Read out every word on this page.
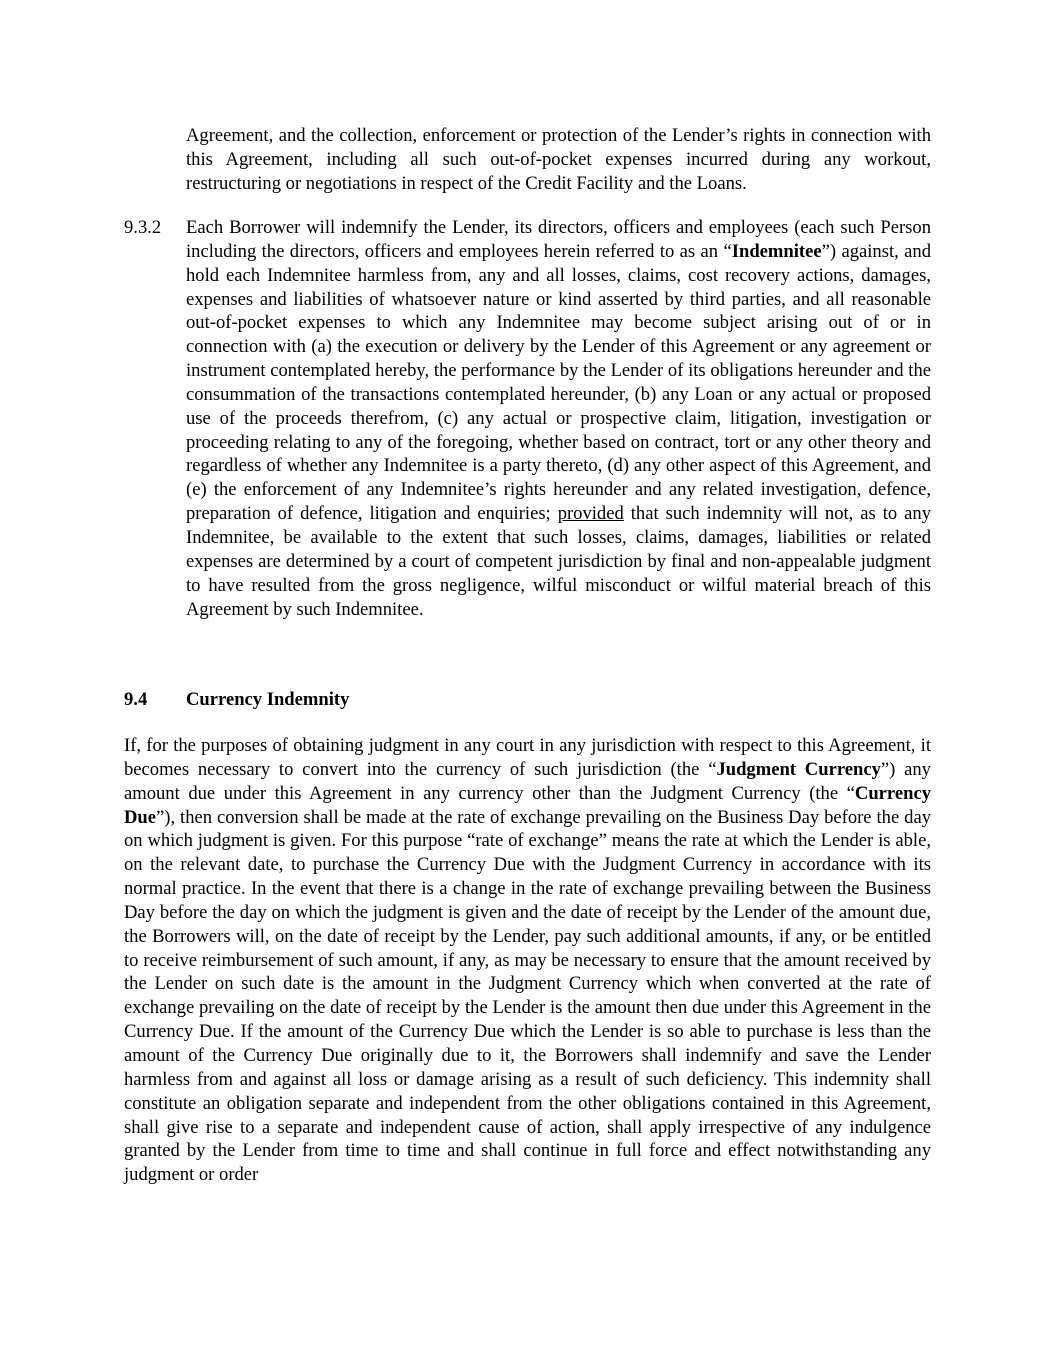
Agreement, and the collection, enforcement or protection of the Lender’s rights in connection with this Agreement, including all such out-of-pocket expenses incurred during any workout, restructuring or negotiations in respect of the Credit Facility and the Loans.

9.3.2 Each Borrower will indemnify the Lender, its directors, officers and employees (each such Person including the directors, officers and employees herein referred to as an “Indemnitee”) against, and hold each Indemnitee harmless from, any and all losses, claims, cost recovery actions, damages, expenses and liabilities of whatsoever nature or kind asserted by third parties, and all reasonable out-of-pocket expenses to which any Indemnitee may become subject arising out of or in connection with (a) the execution or delivery by the Lender of this Agreement or any agreement or instrument contemplated hereby, the performance by the Lender of its obligations hereunder and the consummation of the transactions contemplated hereunder, (b) any Loan or any actual or proposed use of the proceeds therefrom, (c) any actual or prospective claim, litigation, investigation or proceeding relating to any of the foregoing, whether based on contract, tort or any other theory and regardless of whether any Indemnitee is a party thereto, (d) any other aspect of this Agreement, and (e) the enforcement of any Indemnitee’s rights hereunder and any related investigation, defence, preparation of defence, litigation and enquiries; provided that such indemnity will not, as to any Indemnitee, be available to the extent that such losses, claims, damages, liabilities or related expenses are determined by a court of competent jurisdiction by final and non-appealable judgment to have resulted from the gross negligence, wilful misconduct or wilful material breach of this Agreement by such Indemnitee.

9.4 Currency Indemnity

If, for the purposes of obtaining judgment in any court in any jurisdiction with respect to this Agreement, it becomes necessary to convert into the currency of such jurisdiction (the “Judgment Currency”) any amount due under this Agreement in any currency other than the Judgment Currency (the “Currency Due”), then conversion shall be made at the rate of exchange prevailing on the Business Day before the day on which judgment is given. For this purpose “rate of exchange” means the rate at which the Lender is able, on the relevant date, to purchase the Currency Due with the Judgment Currency in accordance with its normal practice. In the event that there is a change in the rate of exchange prevailing between the Business Day before the day on which the judgment is given and the date of receipt by the Lender of the amount due, the Borrowers will, on the date of receipt by the Lender, pay such additional amounts, if any, or be entitled to receive reimbursement of such amount, if any, as may be necessary to ensure that the amount received by the Lender on such date is the amount in the Judgment Currency which when converted at the rate of exchange prevailing on the date of receipt by the Lender is the amount then due under this Agreement in the Currency Due. If the amount of the Currency Due which the Lender is so able to purchase is less than the amount of the Currency Due originally due to it, the Borrowers shall indemnify and save the Lender harmless from and against all loss or damage arising as a result of such deficiency. This indemnity shall constitute an obligation separate and independent from the other obligations contained in this Agreement, shall give rise to a separate and independent cause of action, shall apply irrespective of any indulgence granted by the Lender from time to time and shall continue in full force and effect notwithstanding any judgment or order
